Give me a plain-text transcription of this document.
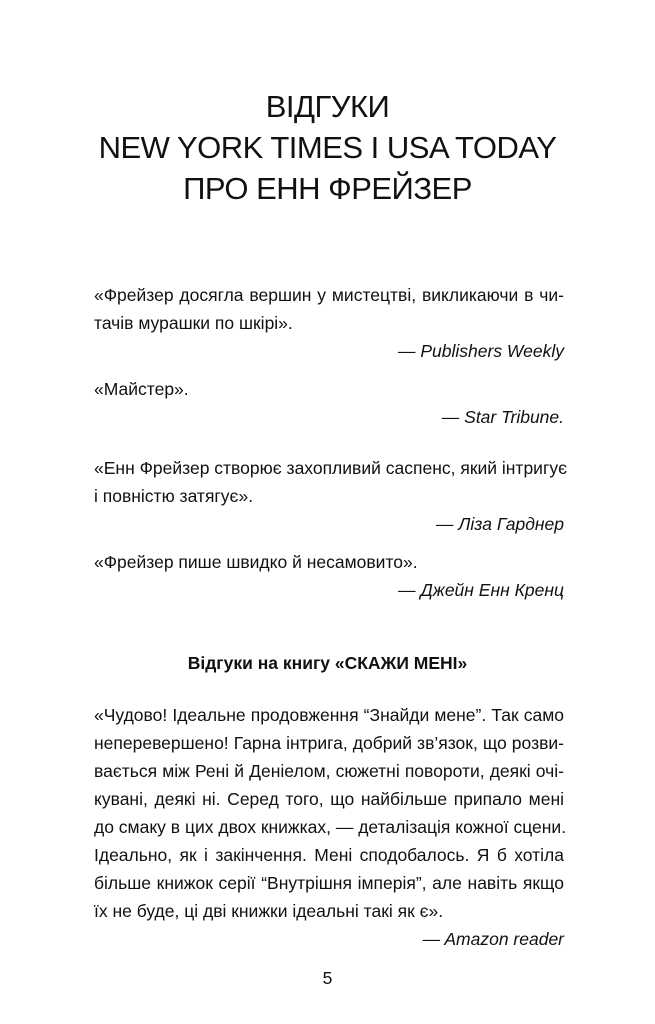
ВІДГУКИ
NEW YORK TIMES І USA TODAY
ПРО ЕНН ФРЕЙЗЕР
«Фрейзер досягла вершин у мистецтві, викликаючи в чи-
тачів мурашки по шкірі».
— Publishers Weekly
«Майстер».
— Star Tribune.
«Енн Фрейзер створює захопливий саспенс, який інтригує
і повністю затягує».
— Ліза Гарднер
«Фрейзер пише швидко й несамовито».
— Джейн Енн Кренц
Відгуки на книгу «СКАЖИ МЕНІ»
«Чудово! Ідеальне продовження “Знайди мене”. Так само
неперевершено! Гарна інтрига, добрий зв’язок, що розви-
вається між Рені й Деніелом, сюжетні повороти, деякі очі-
кувані, деякі ні. Серед того, що найбільше припало мені
до смаку в цих двох книжках, — деталізація кожної сцени.
Ідеально, як і закінчення. Мені сподобалось. Я б хотіла
більше книжок серії “Внутрішня імперія”, але навіть якщо
їх не буде, ці дві книжки ідеальні такі як є».
— Amazon reader
5
